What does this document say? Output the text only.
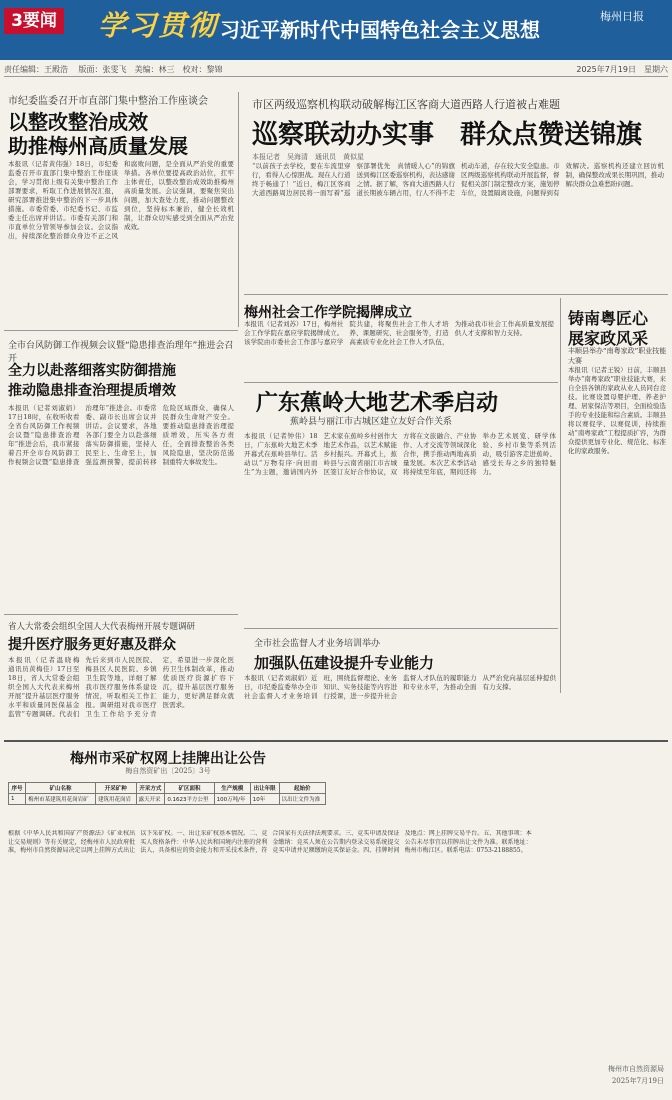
3要闻 学习贯彻 习近平新时代中国特色社会主义思想
梅州日报
责任编辑：王殿浩　 版面：张雯飞　美编：林三　校对：黎锦	2025年7月19日　星期六
市纪委监委召开市直部门集中整治工作座谈会
以整改整治成效
助推梅州高质量发展
本报讯（记者黄伟强）18日，市纪委监委召开市直部门集中整治工作座谈会，学习贯彻上级有关集中整治工作部署要求，听取工作进展情况汇报，研究部署推进集中整治的下一步具体措施。市委常委、市纪委书记、市监委主任出席并讲话。市委有关部门和市直单位分管领导参加会议。会议指出，持续深化整治群众身边不正之风和腐败问题，是全面从严治党的重要举措。各单位要提高政治站位，扛牢主体责任，以整改整治成效助推梅州高质量发展。会议强调，要聚焦突出问题，加大查处力度，推动问题整改到位，坚持标本兼治，健全长效机制，让群众切实感受到全面从严治党成效。
市区两级巡察机构联动破解梅江区客商大道西路人行道被占难题
巡察联动办实事　群众点赞送锦旗
本报记者　吴海清　通讯员　黄似星
“以前孩子去学校，要在车流里穿行，看得人心惊胆战。现在人行道终于畅通了！”近日，梅江区客商大道西路周边居民将一面写着“巡察部署优先　真情暖人心”的锦旗送到梅江区委巡察机构，表达感谢之情。据了解，客商大道西路人行道长期被车辆占用，行人不得不走机动车道，存在较大安全隐患。市区两级巡察机构联动开展监督，督促相关部门制定整改方案，施划停车位，设置隔离设施，问题得到有效解决。巡察机构还建立回访机制，确保整改成果长期巩固，推动解决群众急难愁盼问题。
梅州社会工作学院揭牌成立
本报讯（记者刘苏）17日，梅州社会工作学院在嘉应学院揭牌成立。该学院由市委社会工作部与嘉应学院共建，将聚焦社会工作人才培养、课题研究、社会服务等，打造高素质专业化社会工作人才队伍，为推动我市社会工作高质量发展提供人才支撑和智力支持。
铸南粤匠心
展家政风采
丰顺县举办“南粤家政”职业技能大赛
本报讯（记者王锐）日前，丰顺县举办“南粤家政”职业技能大赛，来自全县各镇的家政从业人员同台竞技。比赛设置母婴护理、养老护理、居家保洁等项目，全面检验选手的专业技能和综合素质。丰顺县将以赛促学、以赛促训，持续推动“南粤家政”工程提质扩容，为群众提供更加专业化、规范化、标准化的家政服务。
全市台风防御工作视频会议暨“隐患排查治理年”推进会召开
全力以赴落细落实防御措施
推动隐患排查治理提质增效
本报讯（记者刘淑娟）17日18时，在收听收看全省台风防御工作视频会议暨“隐患排查治理年”推进会后，我市紧接着召开全市台风防御工作视频会议暨“隐患排查治理年”推进会。市委常委、副市长出席会议并讲话。会议要求，各地各部门要全力以赴落细落实防御措施，坚持人民至上、生命至上，加强监测预警，提前转移危险区域群众，确保人民群众生命财产安全。要推动隐患排查治理提质增效，压实各方责任，全面排查整治各类风险隐患，坚决防范遏制重特大事故发生。
广东蕉岭大地艺术季启动
蕉岭县与丽江市古城区建立友好合作关系
本报讯（记者钟伟）18日，广东蕉岭大地艺术季开幕式在蕉岭县举行。活动以“万物有序·向田而生”为主题，邀请国内外艺术家在蕉岭乡村创作大地艺术作品，以艺术赋能乡村振兴。开幕式上，蕉岭县与云南省丽江市古城区签订友好合作协议，双方将在文旅融合、产业协作、人才交流等领域深化合作，携手推动两地高质量发展。本次艺术季活动将持续至年底，期间还将举办艺术展览、研学体验、乡村市集等系列活动，吸引游客走进蕉岭、感受长寿之乡的独特魅力。
省人大常委会组织全国人大代表梅州开展专题调研
提升医疗服务更好惠及群众
本报讯（记者温晓梅　通讯员黄梅佳）17日至18日，省人大常委会组织全国人大代表来梅州开展“提升基层医疗服务水平和质量同医保基金监管”专题调研。代表们先后来到市人民医院、梅县区人民医院、乡镇卫生院等地，详细了解我市医疗服务体系建设情况，听取相关工作汇报。调研组对我市医疗卫生工作给予充分肯定，希望进一步深化医药卫生体制改革，推动优质医疗资源扩容下沉，提升基层医疗服务能力，更好满足群众就医需求。
全市社会监督人才业务培训举办
加强队伍建设提升专业能力
本报讯（记者刘淑娟）近日，市纪委监委举办全市社会监督人才业务培训班，围绕监督理论、业务知识、实务技能等内容进行授课，进一步提升社会监督人才队伍的履职能力和专业水平，为推动全面从严治党向基层延伸提供有力支撑。
梅州市采矿权网上挂牌出让公告
梅自然资矿出〔2025〕3号
序号	矿山名称	开采矿种	开采方式	矿区面积	生产规模	出让年限	起始价
1	梅州市某建筑用花岗岩矿	建筑用花岗岩	露天开采	0.1623平方公里	100万吨/年	10年	以出让文件为准
根据《中华人民共和国矿产资源法》《矿业权出让交易规则》等有关规定，经梅州市人民政府批准，梅州市自然资源局决定以网上挂牌方式出让以下采矿权。一、出让采矿权基本情况。二、竞买人资格条件：中华人民共和国境内注册的营利法人，具备相应的资金能力和开采技术条件，符合国家有关法律法规要求。三、竞买申请及保证金缴纳：竞买人须在公告期内登录交易系统提交竞买申请并足额缴纳竞买保证金。四、挂牌时间及地点：网上挂牌交易平台。五、其他事项：本公告未尽事宜以挂牌出让文件为准。联系地址：梅州市梅江区。联系电话：0753-2188855。
梅州市自然资源局
2025年7月19日
